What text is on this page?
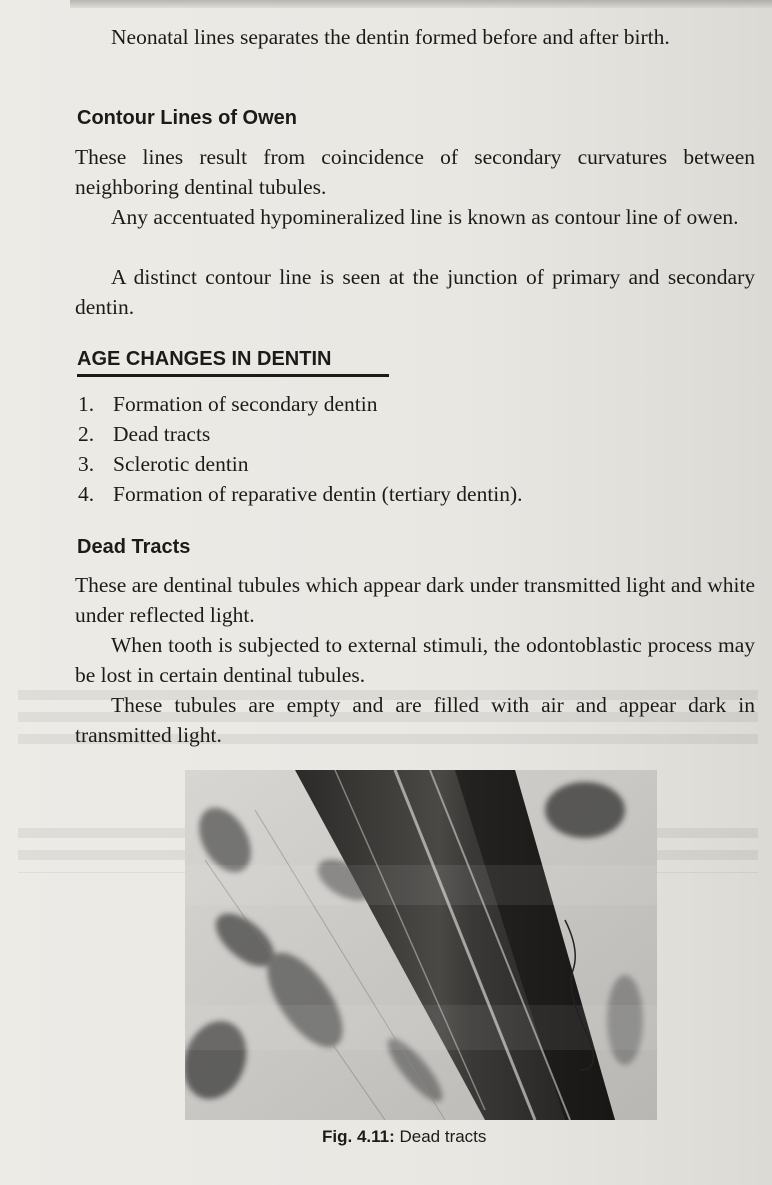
Neonatal lines separates the dentin formed before and after birth.

Contour Lines of Owen

These lines result from coincidence of secondary curvatures between neighboring dentinal tubules.

Any accentuated hypomineralized line is known as contour line of owen.

A distinct contour line is seen at the junction of primary and secondary dentin.

AGE CHANGES IN DENTIN
1. Formation of secondary dentin
2. Dead tracts
3. Sclerotic dentin
4. Formation of reparative dentin (tertiary dentin).
Dead Tracts

These are dentinal tubules which appear dark under transmitted light and white under reflected light.

When tooth is subjected to external stimuli, the odontoblastic process may be lost in certain dentinal tubules.

These tubules are empty and are filled with air and appear dark in transmitted light.

Fig. 4.11: Dead tracts
